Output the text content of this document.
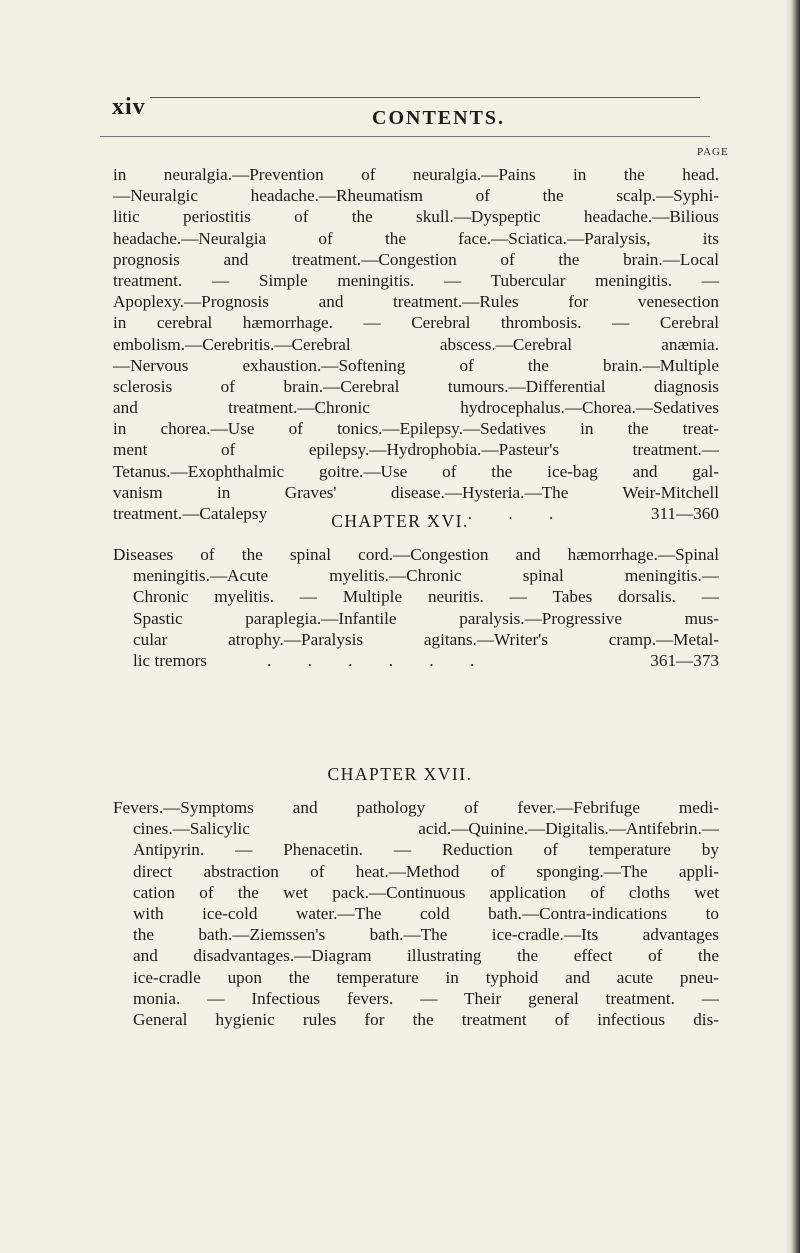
xiv	CONTENTS.
PAGE
in neuralgia.—Prevention of neuralgia.—Pains in the head.
—Neuralgic headache.—Rheumatism of the scalp.—Syphi-
litic periostitis of the skull.—Dyspeptic headache.—Bilious
headache.—Neuralgia of the face.—Sciatica.—Paralysis, its
prognosis and treatment.—Congestion of the brain.—Local
treatment. — Simple meningitis. — Tubercular meningitis. —
Apoplexy.—Prognosis and treatment.—Rules for venesection
in cerebral hæmorrhage. — Cerebral thrombosis. — Cerebral
embolism.—Cerebritis.—Cerebral abscess.—Cerebral anæmia.
—Nervous exhaustion.—Softening of the brain.—Multiple
sclerosis of brain.—Cerebral tumours.—Differential diagnosis
and treatment.—Chronic hydrocephalus.—Chorea.—Sedatives
in chorea.—Use of tonics.—Epilepsy.—Sedatives in the treat-
ment of epilepsy.—Hydrophobia.—Pasteur's treatment.—
Tetanus.—Exophthalmic goitre.—Use of the ice-bag and gal-
vanism in Graves' disease.—Hysteria.—The Weir-Mitchell
treatment.—Catalepsy	. . . .	311—360
CHAPTER XVI.
Diseases of the spinal cord.—Congestion and hæmorrhage.—Spinal
meningitis.—Acute myelitis.—Chronic spinal meningitis.—
Chronic myelitis. — Multiple neuritis. — Tabes dorsalis. —
Spastic paraplegia.—Infantile paralysis.—Progressive mus-
cular atrophy.—Paralysis agitans.—Writer's cramp.—Metal-
lic tremors	. . . . . .	361—373
CHAPTER XVII.
Fevers.—Symptoms and pathology of fever.—Febrifuge medi-
cines.—Salicylic acid.—Quinine.—Digitalis.—Antifebrin.—
Antipyrin. — Phenacetin. — Reduction of temperature by
direct abstraction of heat.—Method of sponging.—The appli-
cation of the wet pack.—Continuous application of cloths wet
with ice-cold water.—The cold bath.—Contra-indications to
the bath.—Ziemssen's bath.—The ice-cradle.—Its advantages
and disadvantages.—Diagram illustrating the effect of the
ice-cradle upon the temperature in typhoid and acute pneu-
monia. — Infectious fevers. — Their general treatment. —
General hygienic rules for the treatment of infectious dis-
